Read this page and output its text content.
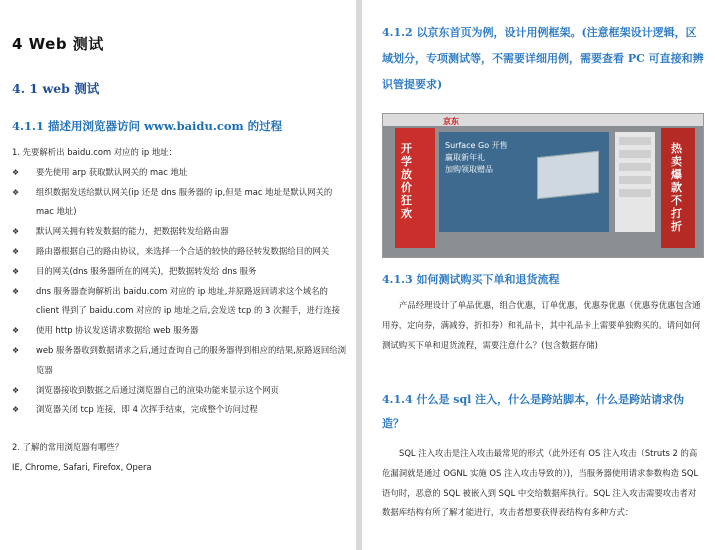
4 Web 测试
4. 1 web 测试
4.1.1 描述用浏览器访问 www.baidu.com 的过程
1. 先要解析出 baidu.com 对应的 ip 地址：
❖	要先使用 arp 获取默认网关的 mac 地址
❖	组织数据发送给默认网关(ip 还是 dns 服务器的 ip,但是 mac 地址是默认网关的 mac 地址)
❖	默认网关拥有转发数据的能力，把数据转发给路由器
❖	路由器根据自己的路由协议，来选择一个合适的较快的路径转发数据给目的网关
❖	目的网关(dns 服务器所在的网关)，把数据转发给 dns 服务
❖	dns 服务器查询解析出 baidu.com 对应的 ip 地址,并原路返回请求这个域名的 client 得到了 baidu.com 对应的 ip 地址之后,会发送 tcp 的 3 次握手，进行连接
❖	使用 http 协议发送请求数据给 web 服务器
❖	web 服务器收到数据请求之后,通过查询自己的服务器得到相应的结果,原路返回给浏览器
❖	浏览器接收到数据之后通过浏览器自己的渲染功能来显示这个网页
❖	浏览器关闭 tcp 连接，即 4 次挥手结束，完成整个访问过程
2. 了解的常用浏览器有哪些？
IE, Chrome, Safari, Firefox, Opera
4.1.2 以京东首页为例，设计用例框架。(注意框架设计逻辑，区域划分，专项测试等，不需要详细用例，需要查看 PC 可直接和辨识管提要求)
京东
开学放价狂欢
Surface Go 开售
赢取新年礼
加购领取赠品
热卖爆款不打折
4.1.3 如何测试购买下单和退货流程
产品经理设计了单品优惠，组合优惠，订单优惠，优惠券优惠（优惠券优惠包含通用券，定向券，满减券，折扣券）和礼品卡，其中礼品卡上需要单独购买的。请问如何测试购买下单和退货流程，需要注意什么？(包含数据存储)
4.1.4 什么是 sql 注入，什么是跨站脚本，什么是跨站请求伪造？
SQL 注入攻击是注入攻击最常见的形式（此外还有 OS 注入攻击（Struts 2 的高危漏洞就是通过 OGNL 实施 OS 注入攻击导致的）)，当服务器使用请求参数构造 SQL 语句时，恶意的 SQL 被嵌入到 SQL 中交给数据库执行。SQL 注入攻击需要攻击者对数据库结构有所了解才能进行，攻击者想要获得表结构有多种方式：
